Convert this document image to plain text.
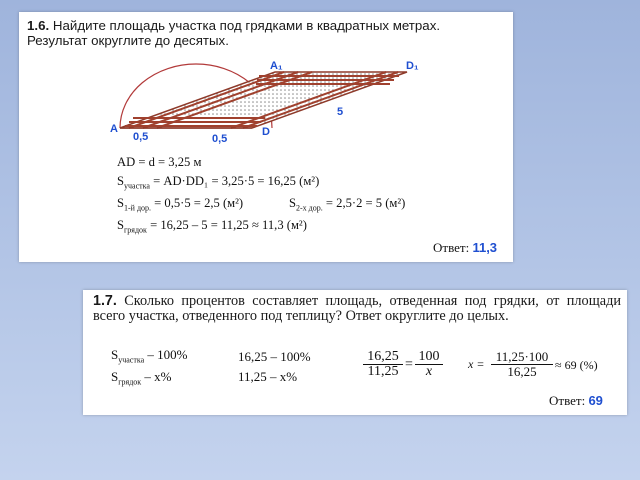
1.6. Найдите площадь участка под грядками в квадратных метрах.
Результат округлите до десятых.
A₁	D₁
A	D
5
0,5	0,5
AD = d = 3,25 м
$S_{участка} = AD\cdot DD_1 = 3,25\cdot 5 = 16,25$ (м²)
$S_{1-й дор.} = 0,5\cdot 5 = 2,5$ (м²)	$S_{2-х дор.} = 2,5\cdot 2 = 5$ (м²)
$S_{грядок} = 16,25 - 5 = 11,25 \approx 11,3$ (м²)
Ответ: 11,3
1.7. Сколько процентов составляет площадь, отведенная под грядки, от площади всего участка, отведенного под теплицу? Ответ округлите до целых.
$S_{участка} - 100\%$
$S_{грядок} - x\%$
16,25 – 100%
11,25 – x%	$\frac{16,25}{11,25} = \frac{100}{x}$ $x = \frac{11,25\cdot 100}{16,25} \approx 69$ (%)
Ответ: 69
